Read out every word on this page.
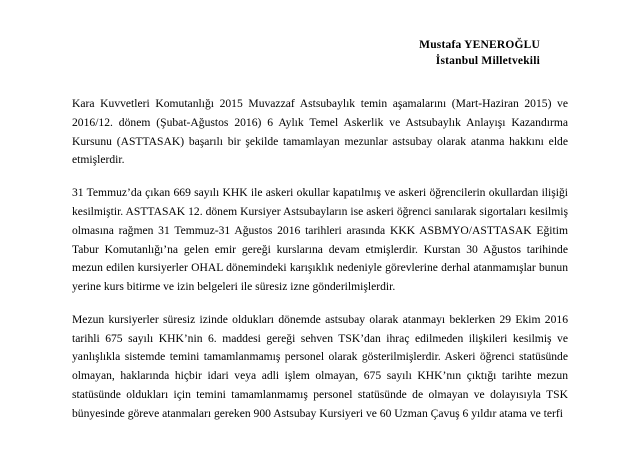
Mustafa YENEROĞLU
İstanbul Milletvekili

Kara Kuvvetleri Komutanlığı 2015 Muvazzaf Astsubaylık temin aşamalarını (Mart-Haziran 2015) ve 2016/12. dönem (Şubat-Ağustos 2016) 6 Aylık Temel Askerlik ve Astsubaylık Anlayışı Kazandırma Kursunu (ASTTASAK) başarılı bir şekilde tamamlayan mezunlar astsubay olarak atanma hakkını elde etmişlerdir.

31 Temmuz’da çıkan 669 sayılı KHK ile askeri okullar kapatılmış ve askeri öğrencilerin okullardan ilişiği kesilmiştir. ASTTASAK 12. dönem Kursiyer Astsubayların ise askeri öğrenci sanılarak sigortaları kesilmiş olmasına rağmen 31 Temmuz-31 Ağustos 2016 tarihleri arasında KKK ASBMYO/ASTTASAK Eğitim Tabur Komutanlığı’na gelen emir gereği kurslarına devam etmişlerdir. Kurstan 30 Ağustos tarihinde mezun edilen kursiyerler OHAL dönemindeki karışıklık nedeniyle görevlerine derhal atanmamışlar bunun yerine kurs bitirme ve izin belgeleri ile süresiz izne gönderilmişlerdir.

Mezun kursiyerler süresiz izinde oldukları dönemde astsubay olarak atanmayı beklerken 29 Ekim 2016 tarihli 675 sayılı KHK’nin 6. maddesi gereği sehven TSK’dan ihraç edilmeden ilişkileri kesilmiş ve yanlışlıkla sistemde temini tamamlanmamış personel olarak gösterilmişlerdir. Askeri öğrenci statüsünde olmayan, haklarında hiçbir idari veya adli işlem olmayan, 675 sayılı KHK’nın çıktığı tarihte mezun statüsünde oldukları için temini tamamlanmamış personel statüsünde de olmayan ve dolayısıyla TSK bünyesinde göreve atanmaları gereken 900 Astsubay Kursiyeri ve 60 Uzman Çavuş 6 yıldır atama ve terfi
